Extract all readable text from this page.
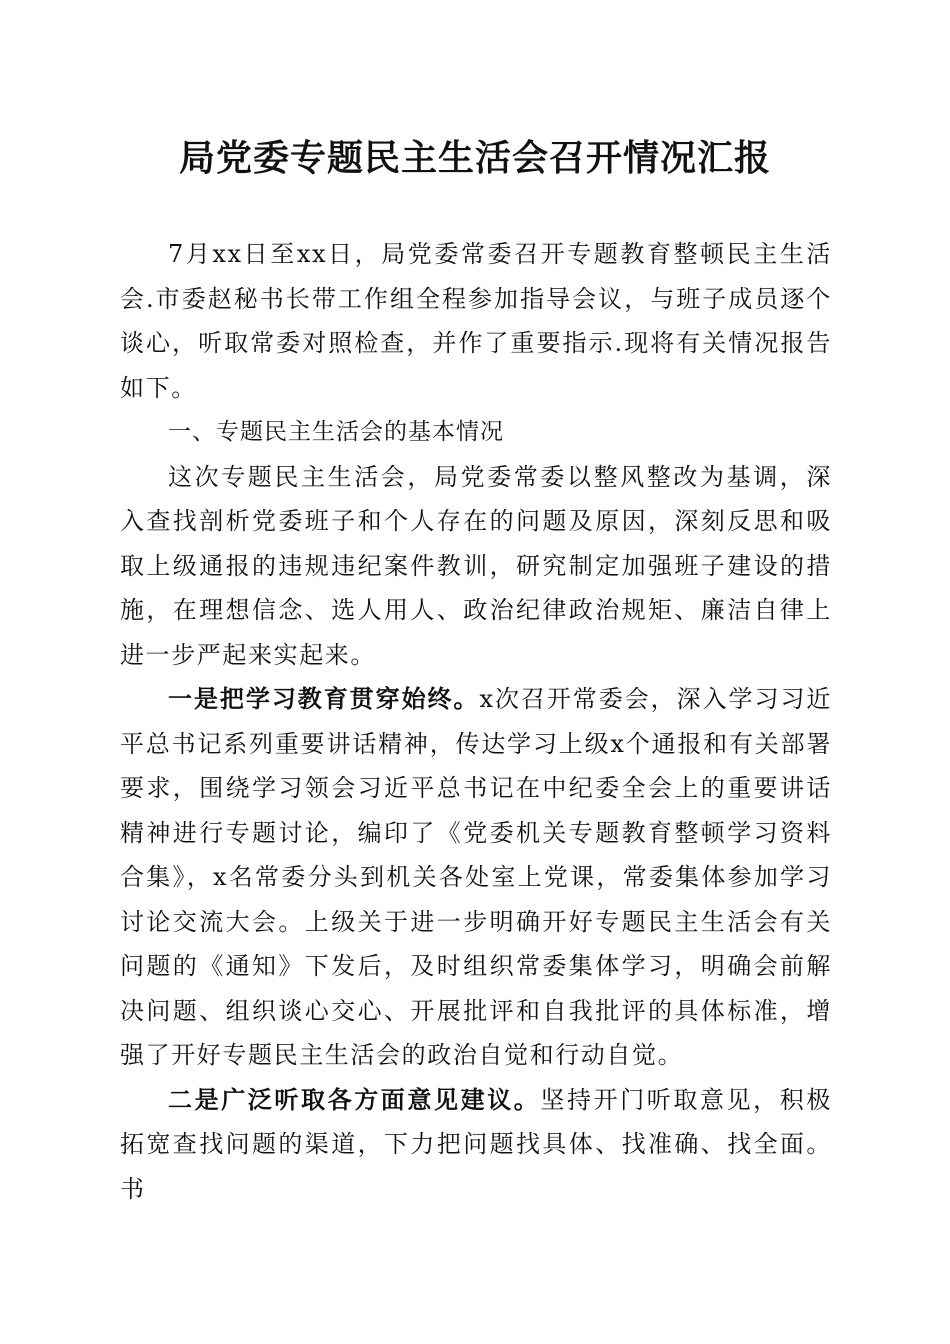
局党委专题民主生活会召开情况汇报

7月xx日至xx日，局党委常委召开专题教育整顿民主生活会.市委赵秘书长带工作组全程参加指导会议，与班子成员逐个谈心，听取常委对照检查，并作了重要指示.现将有关情况报告如下。

一、专题民主生活会的基本情况

这次专题民主生活会，局党委常委以整风整改为基调，深入查找剖析党委班子和个人存在的问题及原因，深刻反思和吸取上级通报的违规违纪案件教训，研究制定加强班子建设的措施，在理想信念、选人用人、政治纪律政治规矩、廉洁自律上进一步严起来实起来。

一是把学习教育贯穿始终。x次召开常委会，深入学习习近平总书记系列重要讲话精神，传达学习上级x个通报和有关部署要求，围绕学习领会习近平总书记在中纪委全会上的重要讲话精神进行专题讨论，编印了《党委机关专题教育整顿学习资料合集》，x名常委分头到机关各处室上党课，常委集体参加学习讨论交流大会。上级关于进一步明确开好专题民主生活会有关问题的《通知》下发后，及时组织常委集体学习，明确会前解决问题、组织谈心交心、开展批评和自我批评的具体标准，增强了开好专题民主生活会的政治自觉和行动自觉。

二是广泛听取各方面意见建议。坚持开门听取意见，积极拓宽查找问题的渠道，下力把问题找具体、找准确、找全面。书
